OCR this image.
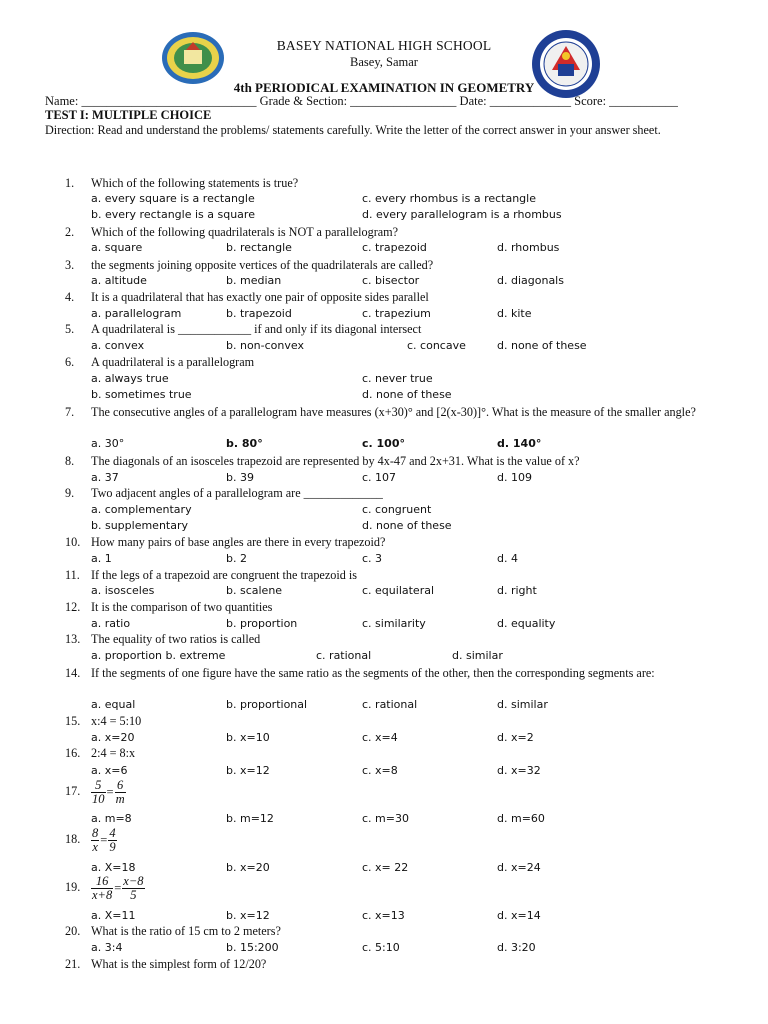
BASEY NATIONAL HIGH SCHOOL
Basey, Samar
4th PERIODICAL EXAMINATION IN GEOMETRY
Name: ____________________________ Grade & Section: _________________ Date: _____________ Score: ___________
TEST I: MULTIPLE CHOICE
Direction: Read and understand the problems/ statements carefully. Write the letter of the correct answer in your answer sheet.
1. Which of the following statements is true?
a. every square is a rectangle	c. every rhombus is a rectangle
b. every rectangle is a square	d. every parallelogram is a rhombus
2. Which of the following quadrilaterals is NOT a parallelogram?
a. square	b. rectangle	c. trapezoid	d. rhombus
3. the segments joining opposite vertices of the quadrilaterals are called?
a. altitude	b. median	c. bisector	d. diagonals
4. It is a quadrilateral that has exactly one pair of opposite sides parallel
a. parallelogram	b. trapezoid	c. trapezium	d. kite
5. A quadrilateral is ____________ if and only if its diagonal intersect
a. convex	b. non-convex	c. concave	d. none of these
6. A quadrilateral is a parallelogram
a. always true	c. never true
b. sometimes true	d. none of these
7.	The consecutive angles of a parallelogram have measures (x+30)° and [2(x-30)]°. What is the measure of the smaller angle?
a. 30°	b. 80°	c. 100°	d. 140°
8. The diagonals of an isosceles trapezoid are represented by 4x-47 and 2x+31. What is the value of x?
a. 37	b. 39	c. 107	d. 109
9. Two adjacent angles of a parallelogram are _____________
a. complementary	c. congruent
b. supplementary	d. none of these
10. How many pairs of base angles are there in every trapezoid?
a. 1	b. 2	c. 3	d. 4
11. If the legs of a trapezoid are congruent the trapezoid is
a. isosceles	b. scalene	c. equilateral	d. right
12. It is the comparison of two quantities
a. ratio	b. proportion	c. similarity	d. equality
13. The equality of two ratios is called
a. proportion b. extreme	c. rational	d. similar
14. If the segments of one figure have the same ratio as the segments of the other, then the corresponding segments are:
a. equal	b. proportional	c. rational	d. similar
15. x:4 = 5:10
a. x=20	b. x=10	c. x=4	d. x=2
16. 2:4 = 8:x
a. x=6	b. x=12	c. x=8	d. x=32
17. $\frac{5}{10} = \frac{6}{m}$
a. m=8	b. m=12	c. m=30	d. m=60
18. $\frac{8}{x} = \frac{4}{9}$
a. X=18	b. x=20	c. x= 22	d. x=24
19. $\frac{16}{x+8} = \frac{x-8}{5}$
a. X=11	b. x=12	c. x=13	d. x=14
20. What is the ratio of 15 cm to 2 meters?
a. 3:4	b. 15:200	c. 5:10	d. 3:20
21. What is the simplest form of 12/20?
